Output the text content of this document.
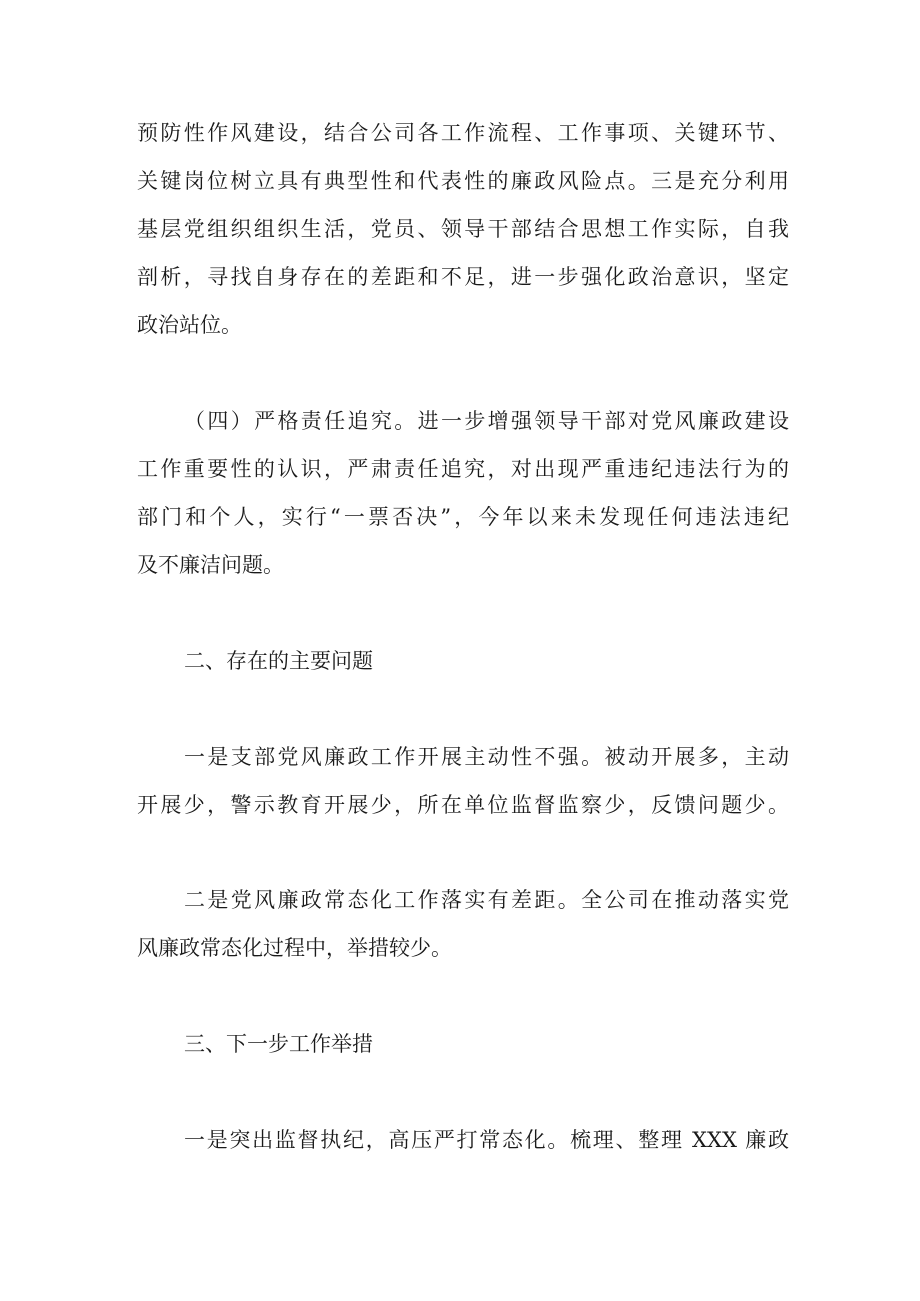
预防性作风建设，结合公司各工作流程、工作事项、关键环节、
关键岗位树立具有典型性和代表性的廉政风险点。三是充分利用
基层党组织组织生活，党员、领导干部结合思想工作实际，自我
剖析，寻找自身存在的差距和不足，进一步强化政治意识，坚定
政治站位。
（四）严格责任追究。进一步增强领导干部对党风廉政建设
工作重要性的认识，严肃责任追究，对出现严重违纪违法行为的
部门和个人，实行“一票否决”，今年以来未发现任何违法违纪
及不廉洁问题。
二、存在的主要问题
一是支部党风廉政工作开展主动性不强。被动开展多，主动
开展少，警示教育开展少，所在单位监督监察少，反馈问题少。
二是党风廉政常态化工作落实有差距。全公司在推动落实党
风廉政常态化过程中，举措较少。
三、下一步工作举措
一是突出监督执纪，高压严打常态化。梳理、整理 XXX 廉政
